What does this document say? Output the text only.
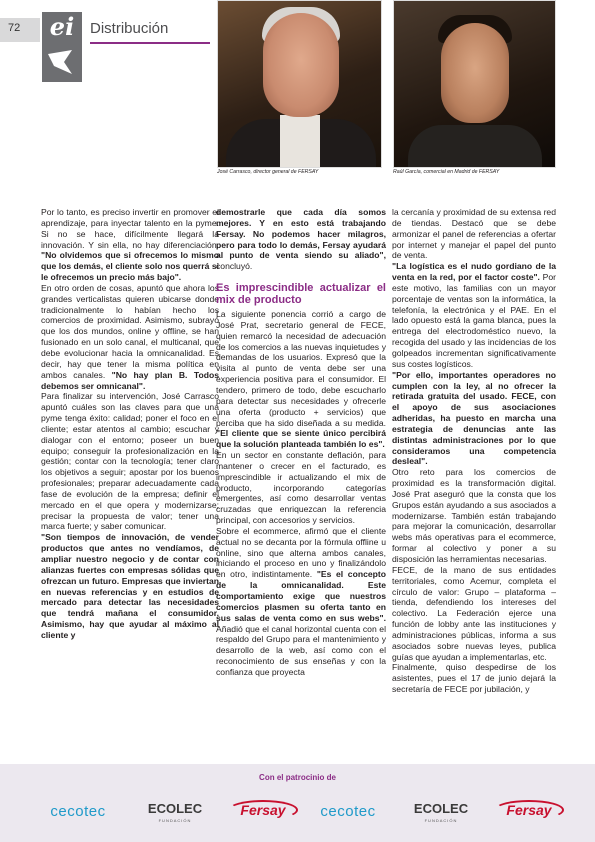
72	ei	Distribución
José Carrasco, director general de FERSAY	Raúl García, comercial en Madrid de FERSAY

Por lo tanto, es preciso invertir en promover el aprendizaje, para inyectar talento en la pyme. Si no se hace, difícilmente llegará la innovación. Y sin ella, no hay diferenciación. "No olvidemos que si ofrecemos lo mismo que los demás, el cliente solo nos querrá si le ofrecemos un precio más bajo".

En otro orden de cosas, apuntó que ahora los grandes verticalistas quieren ubicarse donde tradicionalmente lo habían hecho los comercios de proximidad. Asimismo, subrayó que los dos mundos, online y offline, se han fusionado en un solo canal, el multicanal, que debe evolucionar hacia la omnicanalidad. Es decir, hay que tener la misma política en ambos canales. "No hay plan B. Todos debemos ser omnicanal".

Para finalizar su intervención, José Carrasco apuntó cuáles son las claves para que una pyme tenga éxito: calidad; poner el foco en el cliente; estar atentos al cambio; escuchar y dialogar con el entorno; poseer un buen equipo; conseguir la profesionalización en la gestión; contar con la tecnología; tener claro los objetivos a seguir; apostar por los buenos profesionales; preparar adecuadamente cada fase de evolución de la empresa; definir el mercado en el que opera y modernizarse; precisar la propuesta de valor; tener una marca fuerte; y saber comunicar.

"Son tiempos de innovación, de vender productos que antes no vendíamos, de ampliar nuestro negocio y de contar con alianzas fuertes con empresas sólidas que ofrezcan un futuro. Empresas que inviertan en nuevas referencias y en estudios de mercado para detectar las necesidades que tendrá mañana el consumidor. Asimismo, hay que ayudar al máximo al cliente y

demostrarle que cada día somos mejores. Y en esto está trabajando Fersay. No podemos hacer milagros, pero para todo lo demás, Fersay ayudará al punto de venta siendo su aliado", concluyó.

Es imprescindible actualizar el mix de producto

La siguiente ponencia corrió a cargo de José Prat, secretario general de FECE, quien remarcó la necesidad de adecuación de los comercios a las nuevas inquietudes y demandas de los usuarios. Expresó que la visita al punto de venta debe ser una experiencia positiva para el consumidor. El tendero, primero de todo, debe escucharlo para detectar sus necesidades y ofrecerle una oferta (producto + servicios) que perciba que ha sido diseñada a su medida. "El cliente que se siente único percibirá que la solución planteada también lo es".

En un sector en constante deflación, para mantener o crecer en el facturado, es imprescindible ir actualizando el mix de producto, incorporando categorías emergentes, así como desarrollar ventas cruzadas que enriquezcan la referencia principal, con accesorios y servicios.

Sobre el ecommerce, afirmó que el cliente actual no se decanta por la fórmula offline u online, sino que alterna ambos canales, iniciando el proceso en uno y finalizándolo en otro, indistintamente. "Es el concepto de la omnicanalidad. Este comportamiento exige que nuestros comercios plasmen su oferta tanto en sus salas de venta como en sus webs". Añadió que el canal horizontal cuenta con el respaldo del Grupo para el mantenimiento y desarrollo de la web, así como con el reconocimiento de sus enseñas y con la confianza que proyecta

la cercanía y proximidad de su extensa red de tiendas. Destacó que se debe armonizar el panel de referencias a ofertar por internet y manejar el papel del punto de venta.

"La logística es el nudo gordiano de la venta en la red, por el factor coste". Por este motivo, las familias con un mayor porcentaje de ventas son la informática, la telefonía, la electrónica y el PAE. En el lado opuesto está la gama blanca, pues la entrega del electrodoméstico nuevo, la recogida del usado y las incidencias de los golpeados incrementan significativamente sus costes logísticos.

"Por ello, importantes operadores no cumplen con la ley, al no ofrecer la retirada gratuita del usado. FECE, con el apoyo de sus asociaciones adheridas, ha puesto en marcha una estrategia de denuncias ante las distintas administraciones por lo que consideramos una competencia desleal".

Otro reto para los comercios de proximidad es la transformación digital. José Prat aseguró que la consta que los Grupos están ayudando a sus asociados a modernizarse. También están trabajando para mejorar la comunicación, desarrollar webs más operativas para el ecommerce, formar al colectivo y poner a su disposición las herramientas necesarias.

FECE, de la mano de sus entidades territoriales, como Acemur, completa el círculo de valor: Grupo – plataforma – tienda, defendiendo los intereses del colectivo. La Federación ejerce una función de lobby ante las instituciones y administraciones públicas, informa a sus asociados sobre nuevas leyes, publica guías que ayudan a implementarlas, etc.

Finalmente, quiso despedirse de los asistentes, pues el 17 de junio dejará la secretaría de FECE por jubilación, y

Con el patrocinio de
cecotec	ECOLEC
FUNDACIÓN
Fersay	cecotec	ECOLEC
FUNDACIÓN
Fersay
